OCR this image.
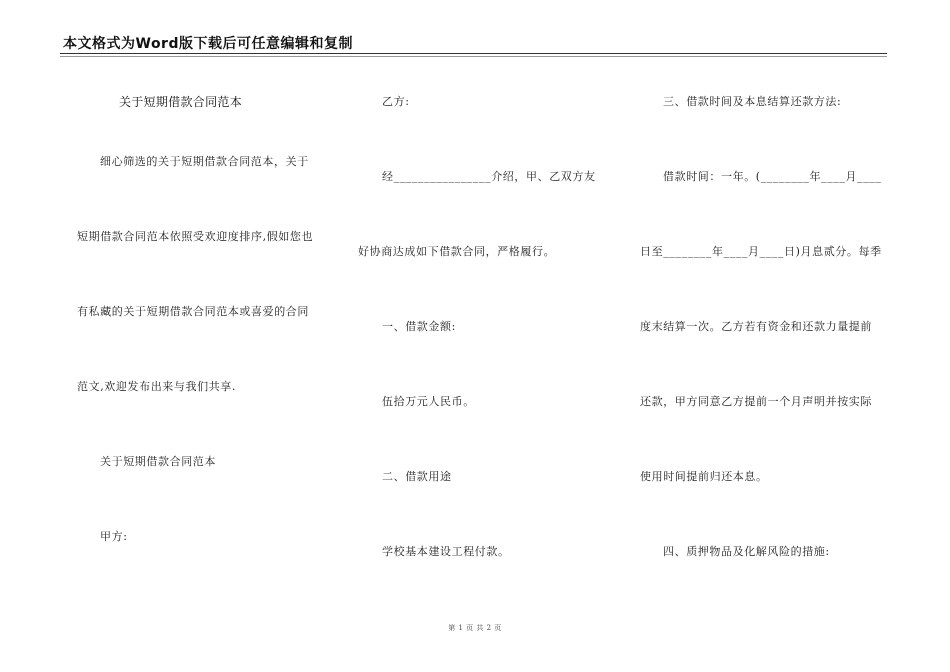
本文格式为Word版下载后可任意编辑和复制
关于短期借款合同范本
细心筛选的关于短期借款合同范本，关于
短期借款合同范本依照受欢迎度排序,假如您也
有私藏的关于短期借款合同范本或喜爱的合同
范文,欢迎发布出来与我们共享.
关于短期借款合同范本
甲方:
乙方:
经________________介绍，甲、乙双方友
好协商达成如下借款合同，严格履行。
一、借款金额:
伍拾万元人民币。
二、借款用途
学校基本建设工程付款。
三、借款时间及本息结算还款方法:
借款时间：一年。(________年____月____
日至________年____月____日)月息贰分。每季
度末结算一次。乙方若有资金和还款力量提前
还款，甲方同意乙方提前一个月声明并按实际
使用时间提前归还本息。
四、质押物品及化解风险的措施:
第 1 页 共 2 页
